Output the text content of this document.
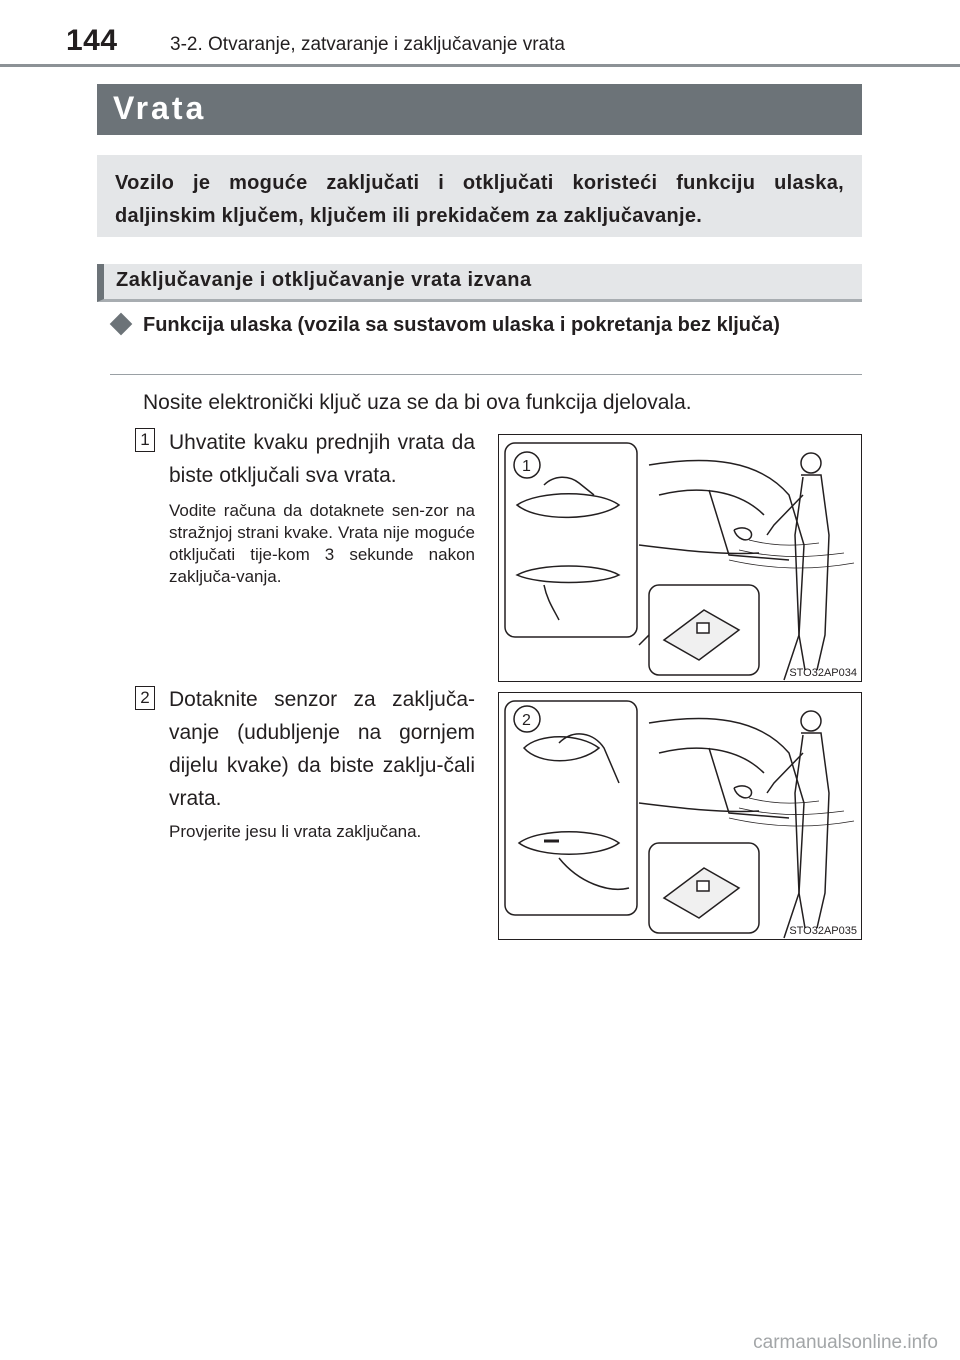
144	3-2. Otvaranje, zatvaranje i zaključavanje vrata
Vrata

Vozilo je moguće zaključati i otključati koristeći funkciju ulaska, daljinskim ključem, ključem ili prekidačem za zaključavanje.

Zaključavanje i otključavanje vrata izvana
Funkcija ulaska (vozila sa sustavom ulaska i pokretanja bez ključa)
Nosite elektronički ključ uza se da bi ova funkcija djelovala.
1 Uhvatite kvaku prednjih vrata da biste otključali sva vrata.
Vodite računa da dotaknete sen-zor na stražnjoj strani kvake. Vrata nije moguće otključati tije-kom 3 sekunde nakon zaključa-vanja.
1
STO32AP034
2 Dotaknite senzor za zaključa-vanje (udubljenje na gornjem dijelu kvake) da biste zaklju-čali vrata.
Provjerite jesu li vrata zaključana.
2
STO32AP035
carmanualsonline.info
